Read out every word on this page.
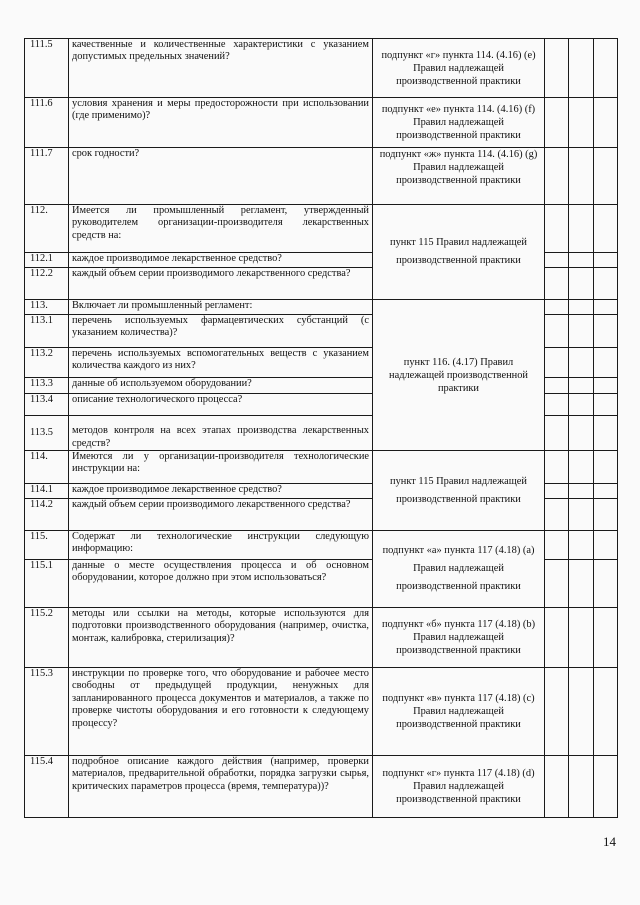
111.5	качественные и количественные характеристики с указанием допустимых предельных значений?	подпункт «г» пункта 114. (4.16) (e) Правил надлежащей производственной практики			
111.6	условия хранения и меры предосторожности при использовании (где применимо)?	подпункт «е» пункта 114. (4.16) (f) Правил надлежащей производственной практики			
111.7	срок годности?	подпункт «ж» пункта 114. (4.16) (g) Правил надлежащей производственной практики			
112.	Имеется ли промышленный регламент, утвержденный руководителем организации-производителя лекарственных средств на:	пункт 115 Правил надлежащей производственной практики			
112.1	каждое производимое лекарственное средство?				
112.2	каждый объем серии производимого лекарственного средства?				
113.	Включает ли промышленный регламент:	пункт 116. (4.17) Правил надлежащей производственной практики			
113.1	перечень используемых фармацевтических субстанций (с указанием количества)?				
113.2	перечень используемых вспомогательных веществ с указанием количества каждого из них?				
113.3	данные об используемом оборудовании?				
113.4	описание технологического процесса?				
113.5	методов контроля на всех этапах производства лекарственных средств?				
114.	Имеются ли у организации-производителя технологические инструкции на:	пункт 115 Правил надлежащей производственной практики			
114.1	каждое производимое лекарственное средство?				
114.2	каждый объем серии производимого лекарственного средства?				
115.	Содержат ли технологические инструкции следующую информацию:	подпункт «а» пункта 117 (4.18) (а) Правил надлежащей производственной практики			
115.1	данные о месте осуществления процесса и об основном оборудовании, которое должно при этом использоваться?				
115.2	методы или ссылки на методы, которые используются для подготовки производственного оборудования (например, очистка, монтаж, калибровка, стерилизация)?	подпункт «б» пункта 117 (4.18) (b) Правил надлежащей производственной практики			
115.3	инструкции по проверке того, что оборудование и рабочее место свободны от предыдущей продукции, ненужных для запланированного процесса документов и материалов, а также по проверке чистоты оборудования и его готовности к следующему процессу?	подпункт «в» пункта 117 (4.18) (c) Правил надлежащей производственной практики			
115.4	подробное описание каждого действия (например, проверки материалов, предварительной обработки, порядка загрузки сырья, критических параметров процесса (время, температура))?	подпункт «г» пункта 117 (4.18) (d) Правил надлежащей производственной практики			
14
